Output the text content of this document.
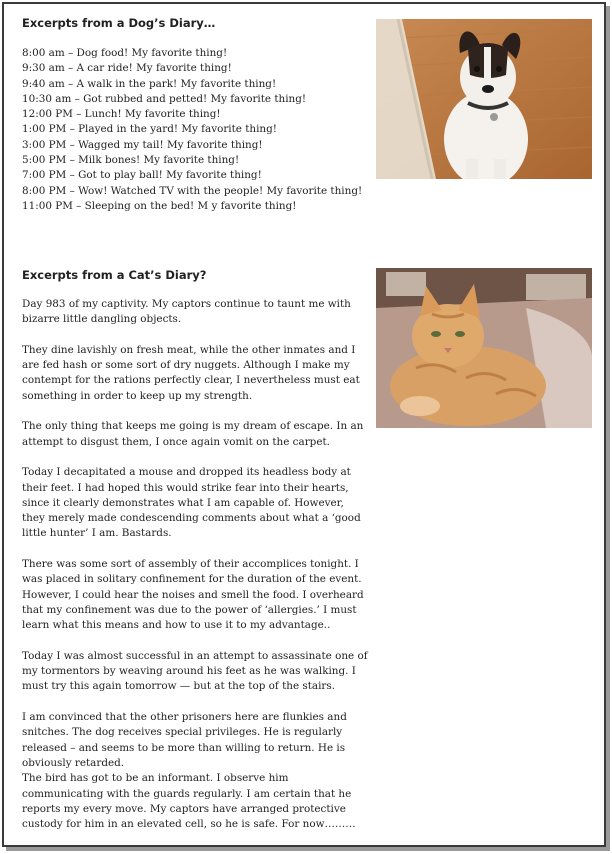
Excerpts from a Dog’s Diary…
8:00 am – Dog food! My favorite thing!
9:30 am – A car ride! My favorite thing!
9:40 am – A walk in the park! My favorite thing!
10:30 am – Got rubbed and petted! My favorite thing!
12:00 PM – Lunch! My favorite thing!
1:00 PM – Played in the yard! My favorite thing!
3:00 PM – Wagged my tail! My favorite thing!
5:00 PM – Milk bones! My favorite thing!
7:00 PM – Got to play ball! My favorite thing!
8:00 PM – Wow! Watched TV with the people! My favorite thing!
11:00 PM – Sleeping on the bed! M y favorite thing!
Excerpts from a Cat’s Diary?

Day 983 of my captivity. My captors continue to taunt me with bizarre little dangling objects.

They dine lavishly on fresh meat, while the other inmates and I are fed hash or some sort of dry nuggets. Although I make my contempt for the rations perfectly clear, I nevertheless must eat something in order to keep up my strength.

The only thing that keeps me going is my dream of escape. In an attempt to disgust them, I once again vomit on the carpet.

Today I decapitated a mouse and dropped its headless body at their feet. I had hoped this would strike fear into their hearts, since it clearly demonstrates what I am capable of. However, they merely made condescending comments about what a ‘good little hunter’ I am. Bastards.

There was some sort of assembly of their accomplices tonight. I was placed in solitary confinement for the duration of the event. However, I could hear the noises and smell the food. I overheard that my confinement was due to the power of ‘allergies.’ I must learn what this means and how to use it to my advantage..

Today I was almost successful in an attempt to assassinate one of my tormentors by weaving around his feet as he was walking. I must try this again tomorrow — but at the top of the stairs.

I am convinced that the other prisoners here are flunkies and snitches. The dog receives special privileges. He is regularly released – and seems to be more than willing to return. He is obviously retarded.

The bird has got to be an informant. I observe him communicating with the guards regularly. I am certain that he reports my every move. My captors have arranged protective custody for him in an elevated cell, so he is safe. For now………
